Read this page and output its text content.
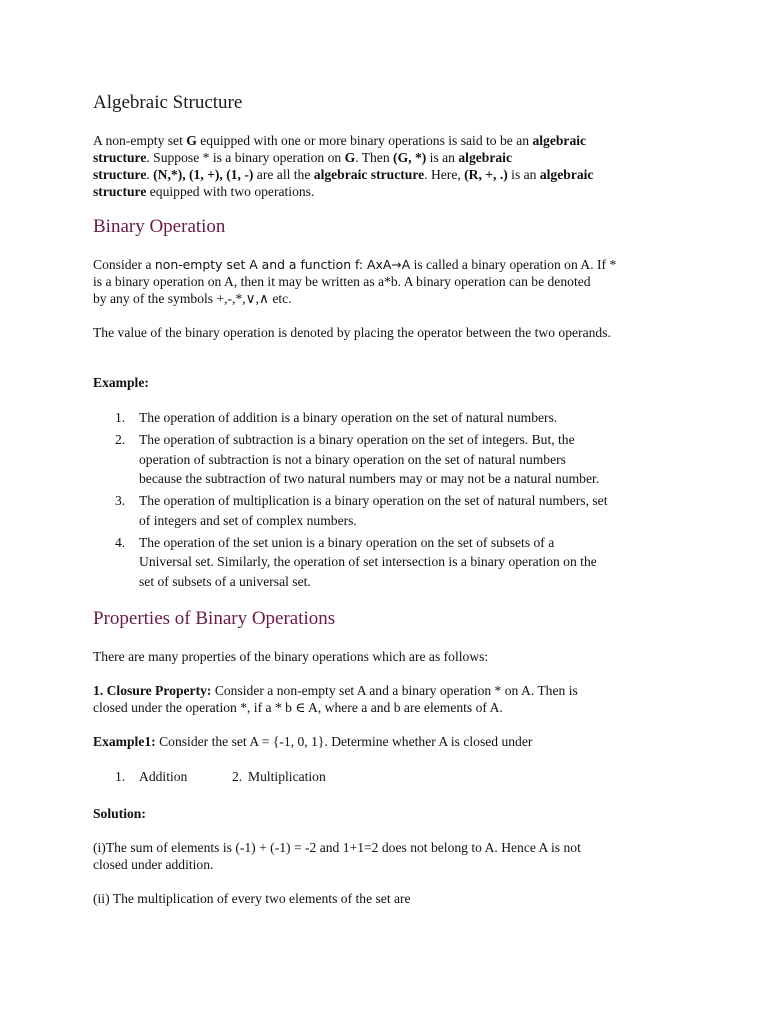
Algebraic Structure

A non-empty set G equipped with one or more binary operations is said to be an algebraic
structure. Suppose * is a binary operation on G. Then (G, *) is an algebraic
structure. (N,*), (1, +), (1, -) are all the algebraic structure. Here, (R, +, .) is an algebraic
structure equipped with two operations.

Binary Operation

Consider a non-empty set A and a function f: AxA→A is called a binary operation on A. If *
is a binary operation on A, then it may be written as a*b. A binary operation can be denoted
by any of the symbols +,-,*,∨,∧ etc.

The value of the binary operation is denoted by placing the operator between the two operands.

Example:

1. The operation of addition is a binary operation on the set of natural numbers.
2. The operation of subtraction is a binary operation on the set of integers. But, the
operation of subtraction is not a binary operation on the set of natural numbers
because the subtraction of two natural numbers may or may not be a natural number.
3. The operation of multiplication is a binary operation on the set of natural numbers, set
of integers and set of complex numbers.
4. The operation of the set union is a binary operation on the set of subsets of a
Universal set. Similarly, the operation of set intersection is a binary operation on the
set of subsets of a universal set.
Properties of Binary Operations

There are many properties of the binary operations which are as follows:

1. Closure Property: Consider a non-empty set A and a binary operation * on A. Then is
closed under the operation *, if a * b ∈ A, where a and b are elements of A.

Example1: Consider the set A = {-1, 0, 1}. Determine whether A is closed under

1. Addition	2. Multiplication

Solution:

(i)The sum of elements is (-1) + (-1) = -2 and 1+1=2 does not belong to A. Hence A is not
closed under addition.

(ii) The multiplication of every two elements of the set are
